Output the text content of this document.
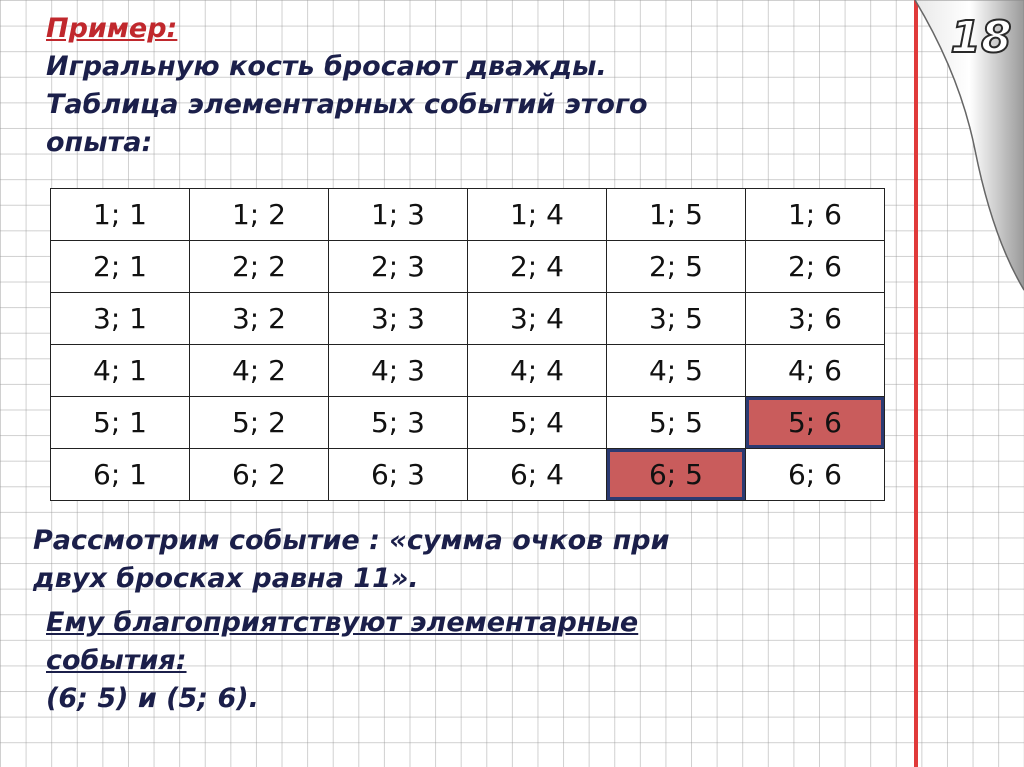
18
Пример:
Игральную кость бросают дважды.
Таблица элементарных событий этого
опыта:
1; 1	1; 2	1; 3	1; 4	1; 5	1; 6
2; 1	2; 2	2; 3	2; 4	2; 5	2; 6
3; 1	3; 2	3; 3	3; 4	3; 5	3; 6
4; 1	4; 2	4; 3	4; 4	4; 5	4; 6
5; 1	5; 2	5; 3	5; 4	5; 5	5; 6
6; 1	6; 2	6; 3	6; 4	6; 5	6; 6
Рассмотрим событие : «сумма очков при
двух бросках равна 11».
Ему благоприятствуют элементарные
события:
(6; 5) и (5; 6).
